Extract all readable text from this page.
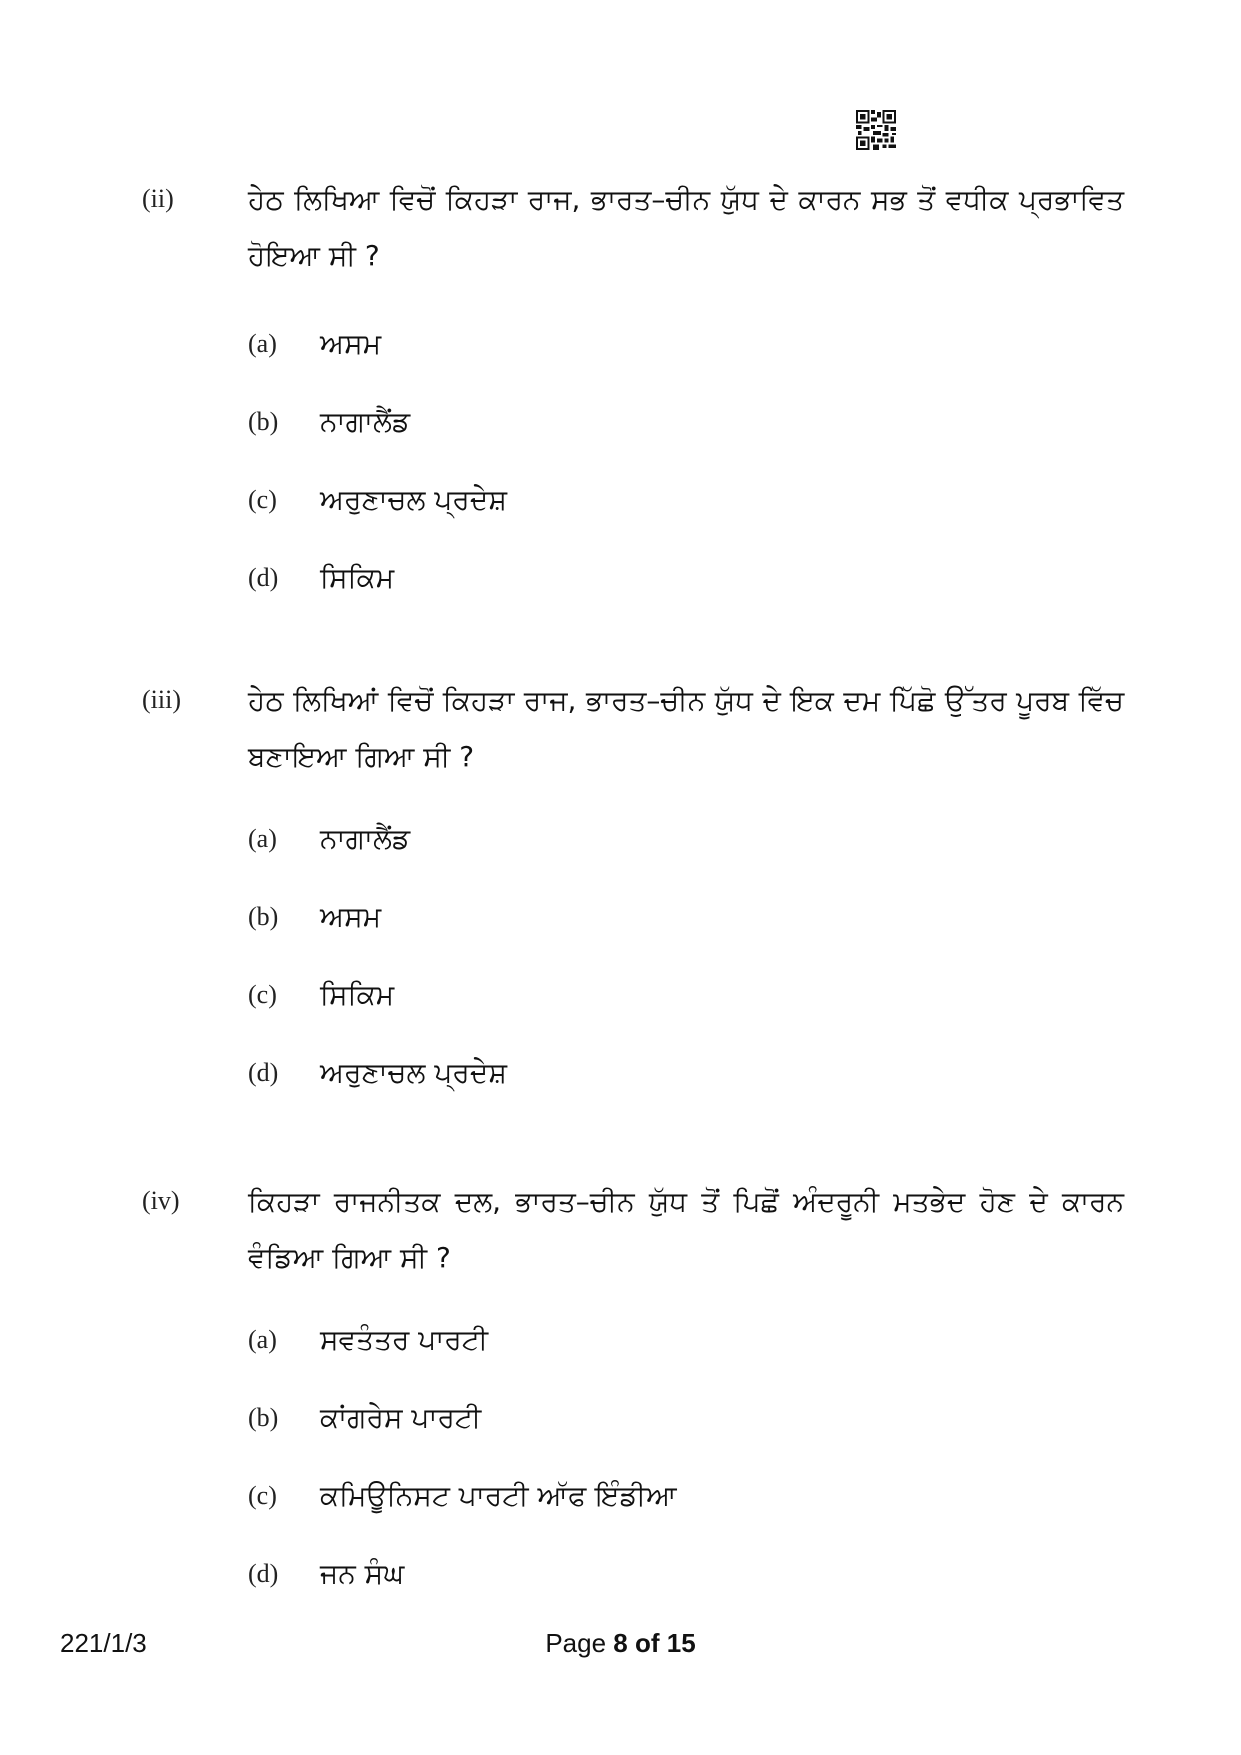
(ii)	ਹੇਠ ਲਿਖਿਆ ਵਿਚੋਂ ਕਿਹੜਾ ਰਾਜ, ਭਾਰਤ–ਚੀਨ ਯੁੱਧ ਦੇ ਕਾਰਨ ਸਭ ਤੋਂ ਵਧੀਕ ਪ੍ਰਭਾਵਿਤ ਹੋਇਆ ਸੀ ?
(a)	ਅਸਮ
(b)	ਨਾਗਾਲੈਂਡ
(c)	ਅਰੁਣਾਚਲ ਪ੍ਰਦੇਸ਼
(d)	ਸਿਕਿਮ
(iii) ਹੇਠ ਲਿਖਿਆਂ ਵਿਚੋਂ ਕਿਹੜਾ ਰਾਜ, ਭਾਰਤ–ਚੀਨ ਯੁੱਧ ਦੇ ਇਕ ਦਮ ਪਿੱਛੋ ਉੱਤਰ ਪੂਰਬ ਵਿੱਚ ਬਣਾਇਆ ਗਿਆ ਸੀ ?
(a)	ਨਾਗਾਲੈਂਡ
(b)	ਅਸਮ
(c)	ਸਿਕਿਮ
(d)	ਅਰੁਣਾਚਲ ਪ੍ਰਦੇਸ਼
(iv) ਕਿਹੜਾ ਰਾਜਨੀਤਕ ਦਲ, ਭਾਰਤ–ਚੀਨ ਯੁੱਧ ਤੋਂ ਪਿਛੋਂ ਅੰਦਰੂਨੀ ਮਤਭੇਦ ਹੋਣ ਦੇ ਕਾਰਨ ਵੰਡਿਆ ਗਿਆ ਸੀ ?
(a)	ਸਵਤੰਤਰ ਪਾਰਟੀ
(b)	ਕਾਂਗਰੇਸ ਪਾਰਟੀ
(c)	ਕਮਿਊਨਿਸਟ ਪਾਰਟੀ ਆੱਫ ਇੰਡੀਆ
(d)	ਜਨ ਸੰਘ
221/1/3	Page 8 of 15
